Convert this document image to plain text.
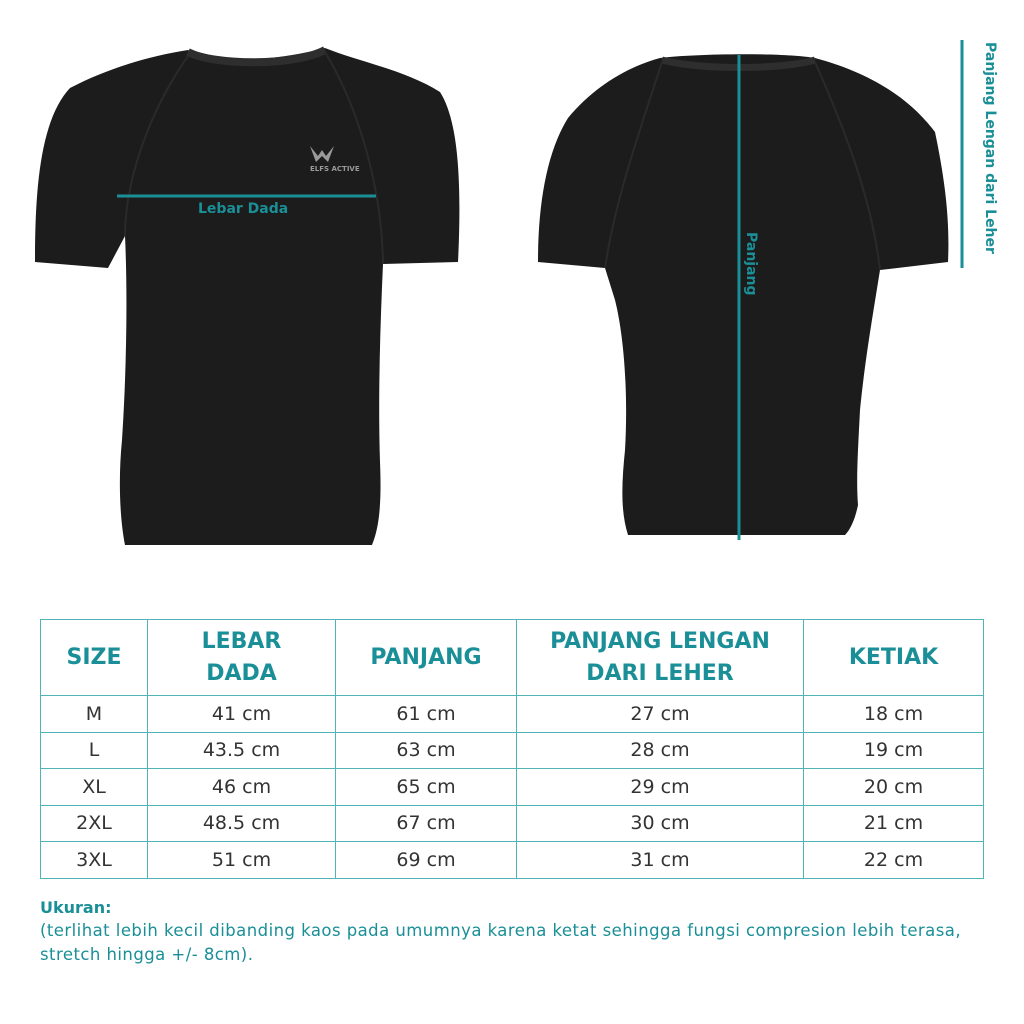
ELFS ACTIVE
Lebar Dada
Panjang
Panjang Lengan dari Leher
SIZE	LEBAR DADA	PANJANG	PANJANG LENGAN DARI LEHER	KETIAK
M	41 cm	61 cm	27 cm	18 cm
L	43.5 cm	63 cm	28 cm	19 cm
XL	46 cm	65 cm	29 cm	20 cm
2XL	48.5 cm	67 cm	30 cm	21 cm
3XL	51 cm	69 cm	31 cm	22 cm
Ukuran:
(terlihat lebih kecil dibanding kaos pada umumnya karena ketat sehingga fungsi compresion lebih terasa, stretch hingga +/- 8cm).
